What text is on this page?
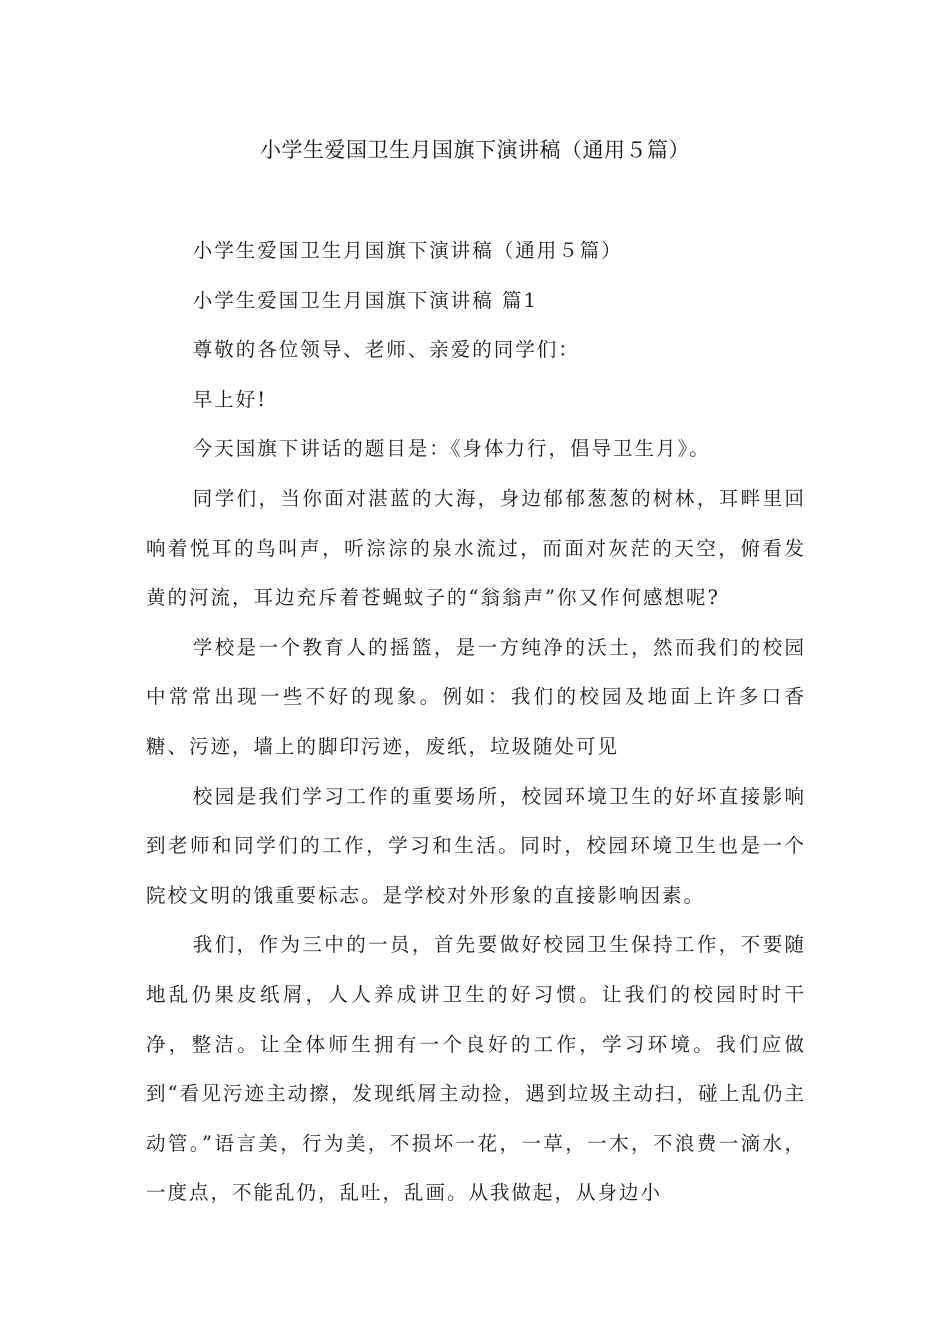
小学生爱国卫生月国旗下演讲稿（通用５篇）

小学生爱国卫生月国旗下演讲稿（通用５篇）

小学生爱国卫生月国旗下演讲稿 篇1

尊敬的各位领导、老师、亲爱的同学们：

早上好!

今天国旗下讲话的题目是：《身体力行，倡导卫生月》。

同学们，当你面对湛蓝的大海，身边郁郁葱葱的树林，耳畔里回响着悦耳的鸟叫声，听淙淙的泉水流过，而面对灰茫的天空，俯看发黄的河流，耳边充斥着苍蝇蚊子的“翁翁声”你又作何感想呢?

学校是一个教育人的摇篮，是一方纯净的沃土，然而我们的校园中常常出现一些不好的现象。例如：我们的校园及地面上许多口香糖、污迹，墙上的脚印污迹，废纸，垃圾随处可见

校园是我们学习工作的重要场所，校园环境卫生的好坏直接影响到老师和同学们的工作，学习和生活。同时，校园环境卫生也是一个院校文明的饿重要标志。是学校对外形象的直接影响因素。

我们，作为三中的一员，首先要做好校园卫生保持工作，不要随地乱仍果皮纸屑，人人养成讲卫生的好习惯。让我们的校园时时干净，整洁。让全体师生拥有一个良好的工作，学习环境。我们应做到“看见污迹主动擦，发现纸屑主动捡，遇到垃圾主动扫，碰上乱仍主动管。”语言美，行为美，不损坏一花，一草，一木，不浪费一滴水，一度点，不能乱仍，乱吐，乱画。从我做起，从身边小
